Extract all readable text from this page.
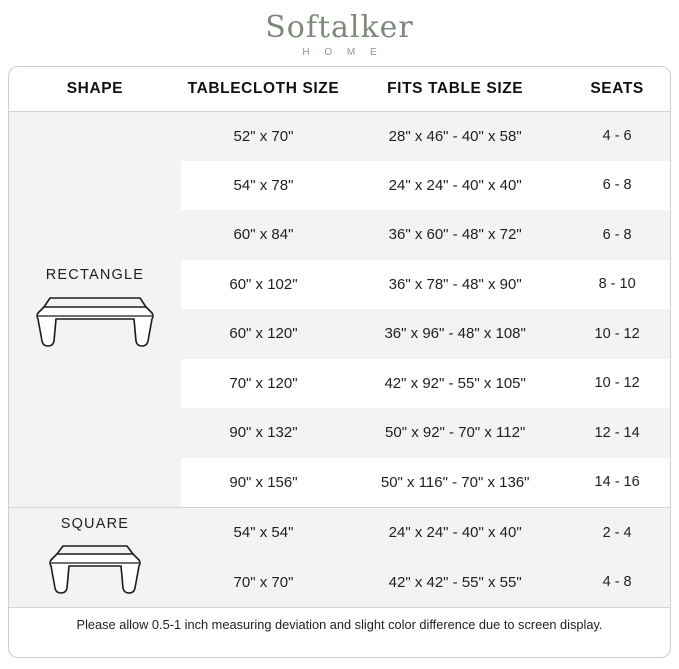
Softalker
H O M E
SHAPE	TABLECLOTH SIZE	FITS TABLE SIZE	SEATS

RECTANGLE	52" x 70"	28" x 46" - 40" x 58"	4 - 6
	54" x 78"	24" x 24" - 40" x 40"	6 - 8
	60" x 84"	36" x 60" - 48" x 72"	6 - 8
	60" x 102"	36" x 78" - 48" x 90"	8 - 10
	60" x 120"	36" x 96" - 48" x 108"	10 - 12
	70" x 120"	42" x 92" - 55" x 105"	10 - 12
	90" x 132"	50" x 92" - 70" x 112"	12 - 14
	90" x 156"	50" x 116" - 70" x 136"	14 - 16

SQUARE	54" x 54"	24" x 24" - 40" x 40"	2 - 4
	70" x 70"	42" x 42" - 55" x 55"	4 - 8
Please allow 0.5-1 inch measuring deviation and slight color difference due to screen display.			
